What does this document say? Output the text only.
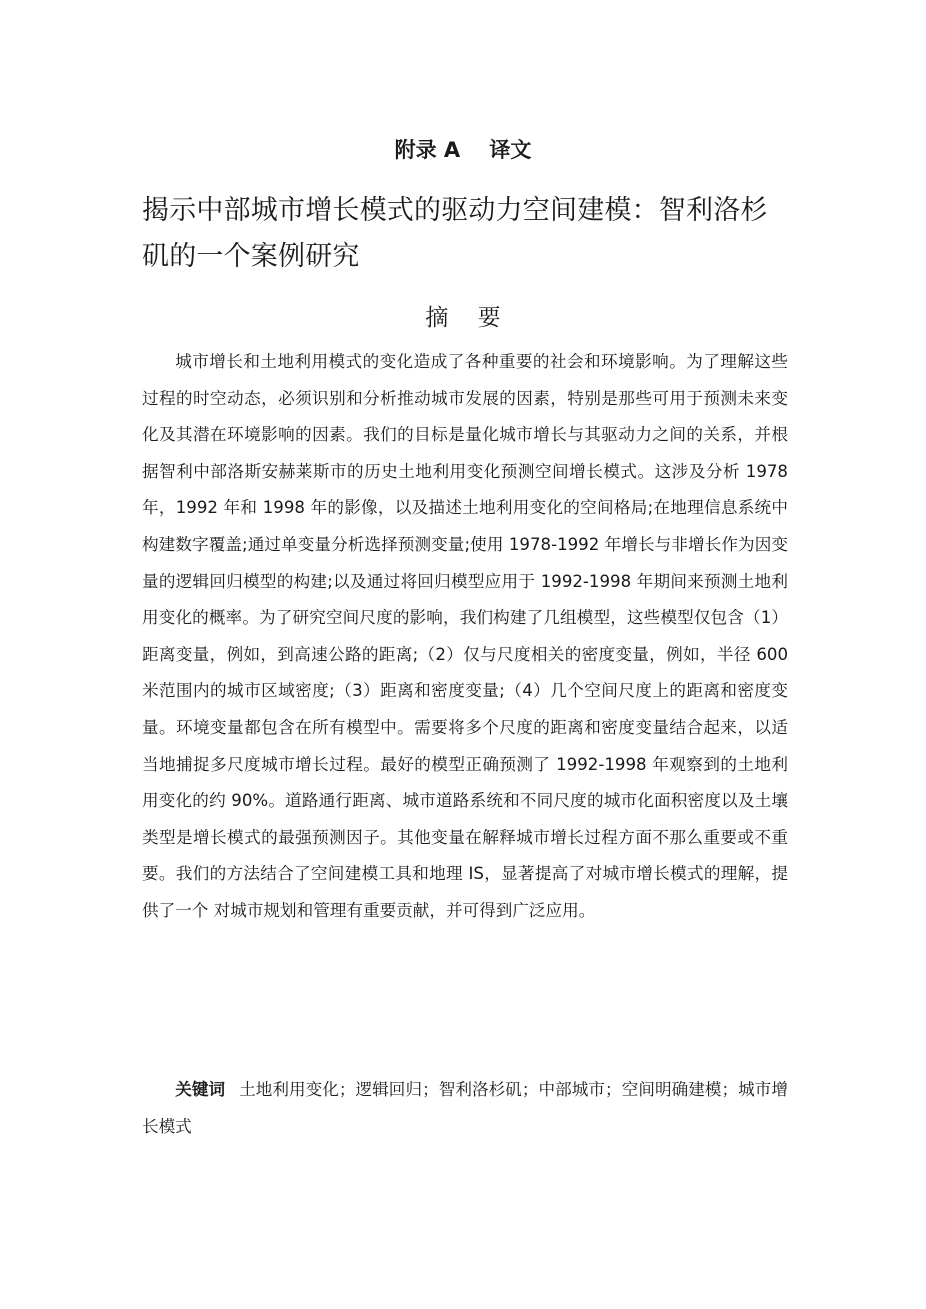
附录 A    译文
揭示中部城市增长模式的驱动力空间建模：智利洛杉矶的一个案例研究
摘    要

城市增长和土地利用模式的变化造成了各种重要的社会和环境影响。为了理解这些过程的时空动态，必须识别和分析推动城市发展的因素，特别是那些可用于预测未来变化及其潜在环境影响的因素。我们的目标是量化城市增长与其驱动力之间的关系，并根据智利中部洛斯安赫莱斯市的历史土地利用变化预测空间增长模式。这涉及分析 1978 年，1992 年和 1998 年的影像，以及描述土地利用变化的空间格局;在地理信息系统中构建数字覆盖;通过单变量分析选择预测变量;使用 1978-1992 年增长与非增长作为因变量的逻辑回归模型的构建;以及通过将回归模型应用于 1992-1998 年期间来预测土地利用变化的概率。为了研究空间尺度的影响，我们构建了几组模型，这些模型仅包含（1）距离变量，例如，到高速公路的距离;（2）仅与尺度相关的密度变量，例如，半径 600 米范围内的城市区域密度;（3）距离和密度变量;（4）几个空间尺度上的距离和密度变量。环境变量都包含在所有模型中。需要将多个尺度的距离和密度变量结合起来，以适当地捕捉多尺度城市增长过程。最好的模型正确预测了 1992-1998 年观察到的土地利用变化的约 90%。道路通行距离、城市道路系统和不同尺度的城市化面积密度以及土壤类型是增长模式的最强预测因子。其他变量在解释城市增长过程方面不那么重要或不重要。我们的方法结合了空间建模工具和地理 IS，显著提高了对城市增长模式的理解，提供了一个 对城市规划和管理有重要贡献，并可得到广泛应用。

关键词 土地利用变化；逻辑回归；智利洛杉矶；中部城市；空间明确建模；城市增长模式
